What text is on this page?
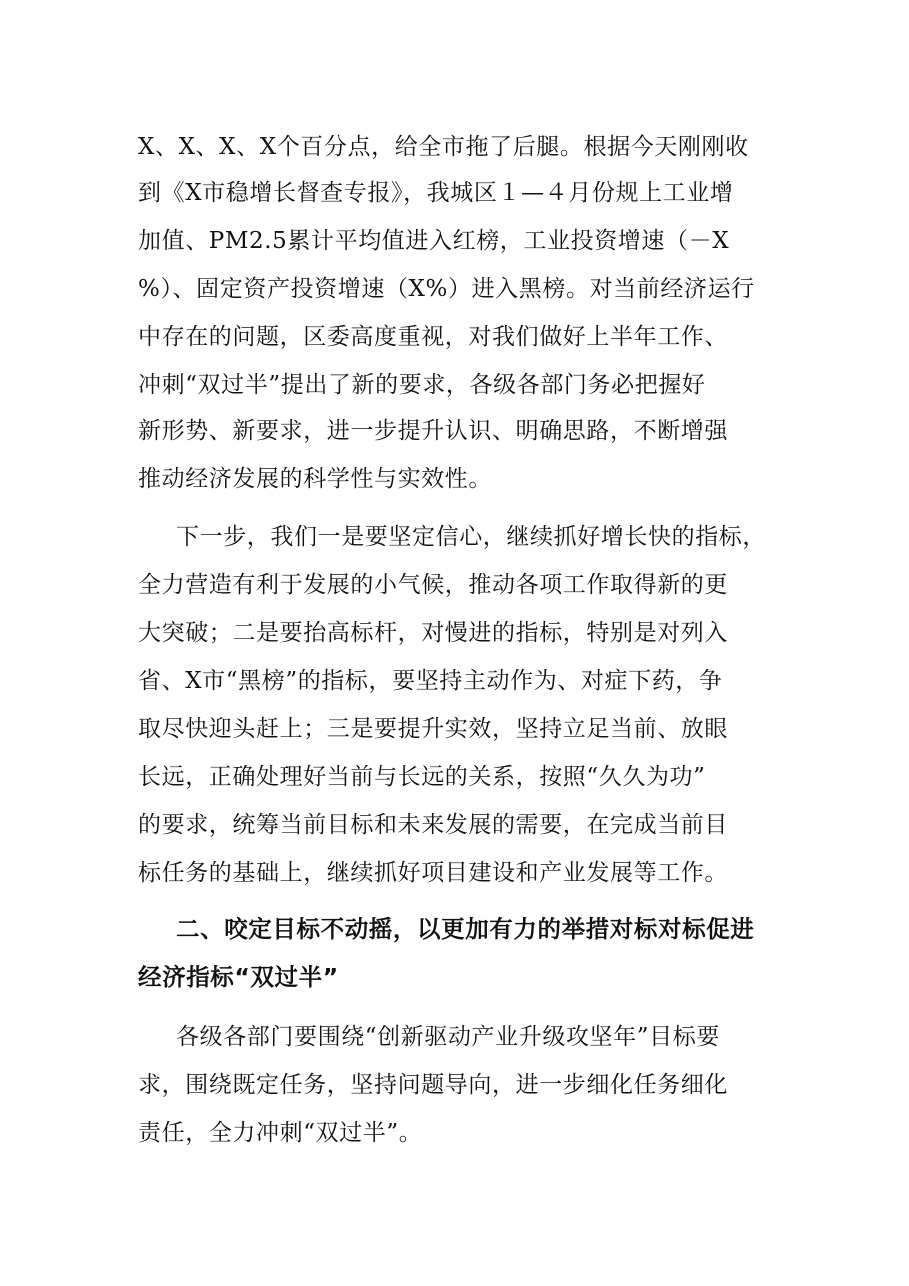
X、X、X、X个百分点，给全市拖了后腿。根据今天刚刚收
到《X市稳增长督查专报》，我城区１—４月份规上工业增
加值、PM2.5累计平均值进入红榜，工业投资增速（－X
%）、固定资产投资增速（X%）进入黑榜。对当前经济运行
中存在的问题，区委高度重视，对我们做好上半年工作、
冲刺“双过半”提出了新的要求，各级各部门务必把握好
新形势、新要求，进一步提升认识、明确思路，不断增强
推动经济发展的科学性与实效性。
下一步，我们一是要坚定信心，继续抓好增长快的指标，
全力营造有利于发展的小气候，推动各项工作取得新的更
大突破；二是要抬高标杆，对慢进的指标，特别是对列入
省、X市“黑榜”的指标，要坚持主动作为、对症下药，争
取尽快迎头赶上；三是要提升实效，坚持立足当前、放眼
长远，正确处理好当前与长远的关系，按照“久久为功”
的要求，统筹当前目标和未来发展的需要，在完成当前目
标任务的基础上，继续抓好项目建设和产业发展等工作。
二、咬定目标不动摇，以更加有力的举措对标对标促进
经济指标“双过半”
各级各部门要围绕“创新驱动产业升级攻坚年”目标要
求，围绕既定任务，坚持问题导向，进一步细化任务细化
责任，全力冲刺“双过半”。
